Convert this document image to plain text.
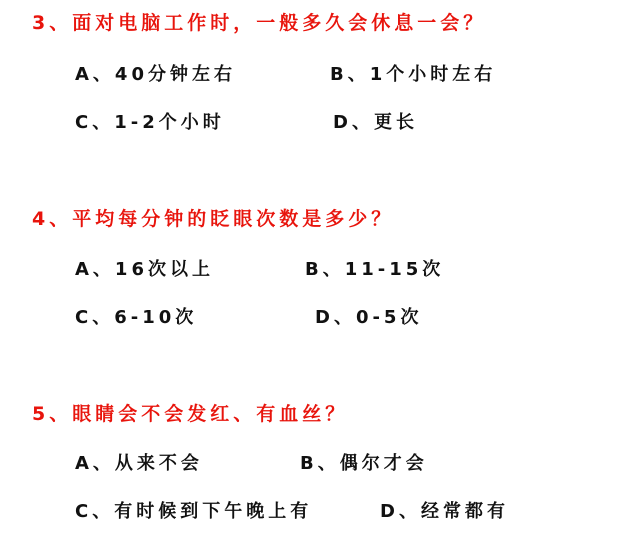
3、面对电脑工作时，一般多久会休息一会？
A、40分钟左右	B、1个小时左右
C、1-2个小时	D、更长
4、平均每分钟的眨眼次数是多少？
A、16次以上	B、11-15次
C、6-10次	D、0-5次
5、眼睛会不会发红、有血丝？
A、从来不会	B、偶尔才会
C、有时候到下午晚上有	D、经常都有
